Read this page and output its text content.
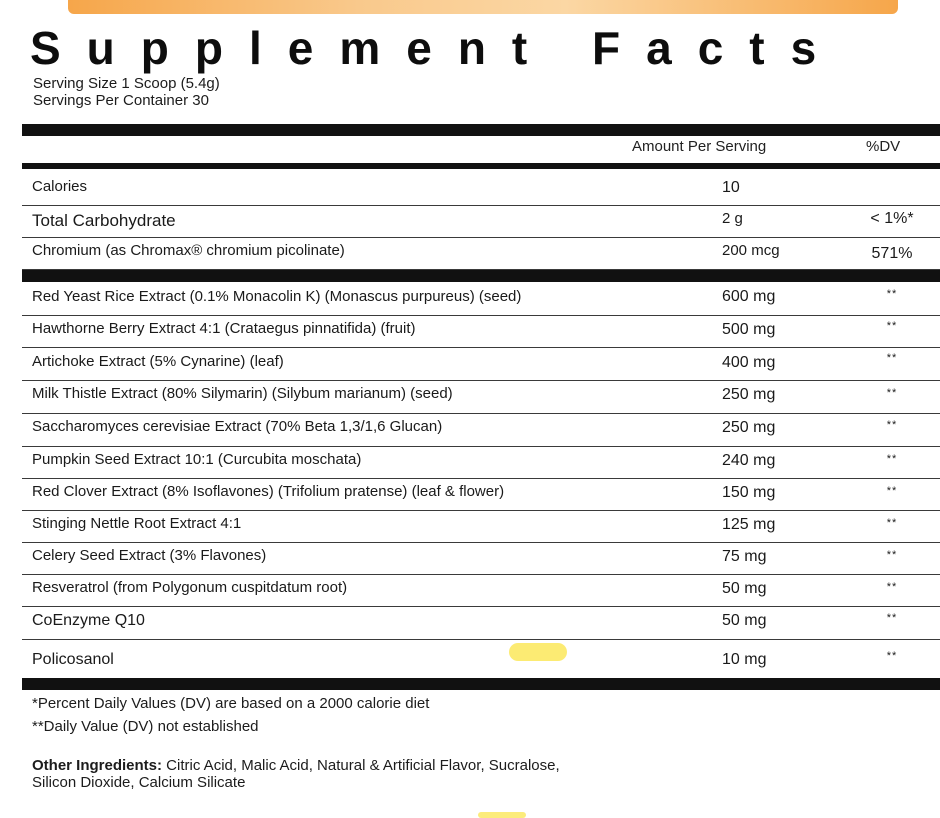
Supplement Facts
Serving Size 1 Scoop (5.4g)
Servings Per Container 30
Amount Per Serving	%DV
Calories	10
Total Carbohydrate	2 g	< 1%*
Chromium (as Chromax® chromium picolinate)	200 mcg	571%
Red Yeast Rice Extract (0.1% Monacolin K) (Monascus purpureus) (seed)	600 mg	**
Hawthorne Berry Extract 4:1 (Crataegus pinnatifida) (fruit)	500 mg	**
Artichoke Extract (5% Cynarine) (leaf)	400 mg	**
Milk Thistle Extract (80% Silymarin) (Silybum marianum) (seed)	250 mg	**
Saccharomyces cerevisiae Extract (70% Beta 1,3/1,6 Glucan)	250 mg	**
Pumpkin Seed Extract 10:1 (Curcubita moschata)	240 mg	**
Red Clover Extract (8% Isoflavones) (Trifolium pratense) (leaf & flower)	150 mg	**
Stinging Nettle Root Extract 4:1	125 mg	**
Celery Seed Extract (3% Flavones)	75 mg	**
Resveratrol (from Polygonum cuspitdatum root)	50 mg	**
CoEnzyme Q10	50 mg	**
Policosanol	10 mg	**
*Percent Daily Values (DV) are based on a 2000 calorie diet
**Daily Value (DV) not established
Other Ingredients: Citric Acid, Malic Acid, Natural & Artificial Flavor, Sucralose,
Silicon Dioxide, Calcium Silicate
